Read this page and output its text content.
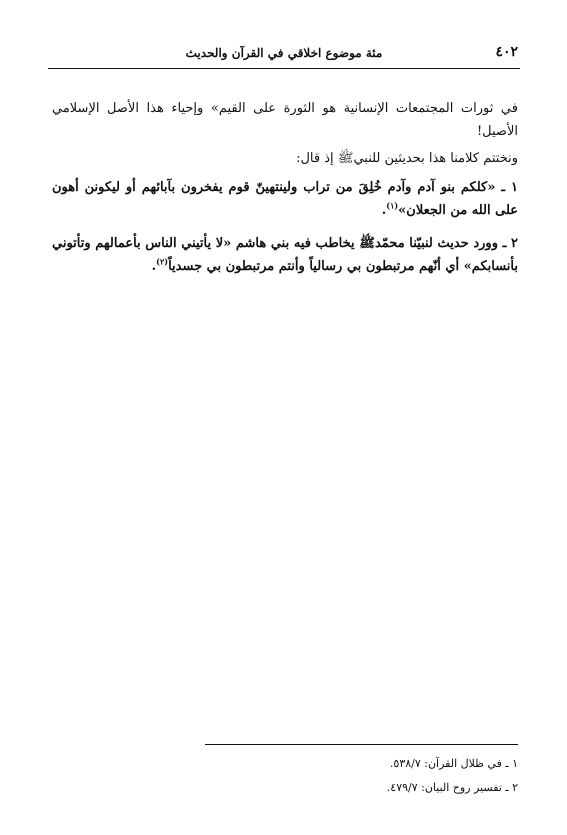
٤٠٢
مئة موضوع اخلاقي في القرآن والحديث

في ثورات المجتمعات الإنسانية هو الثورة على القيم» وإحياء هذا الأصل الإسلامي الأصيل!

ونختتم كلامنا هذا بحديثين للنبيﷺ إذ قال:

١ ـ «كلكم بنو آدم وآدم خُلِقَ من تراب ولينتهينّ قوم يفخرون بآبائهم أو ليكونن أهون على الله من الجعلان»$^{(١)}$.

٢ ـ وورد حديث لنبيّنا محمّدﷺ يخاطب فيه بني هاشم «لا يأتيني الناس بأعمالهم وتأتوني بأنسابكم» أي أنّهم مرتبطون بي رسالياً وأنتم مرتبطون بي جسدياً$^{(٢)}$.

١ ـ في ظلال القرآن: ٥٣٨/٧.
٢ ـ تفسير روح البيان: ٤٧٩/٧.
